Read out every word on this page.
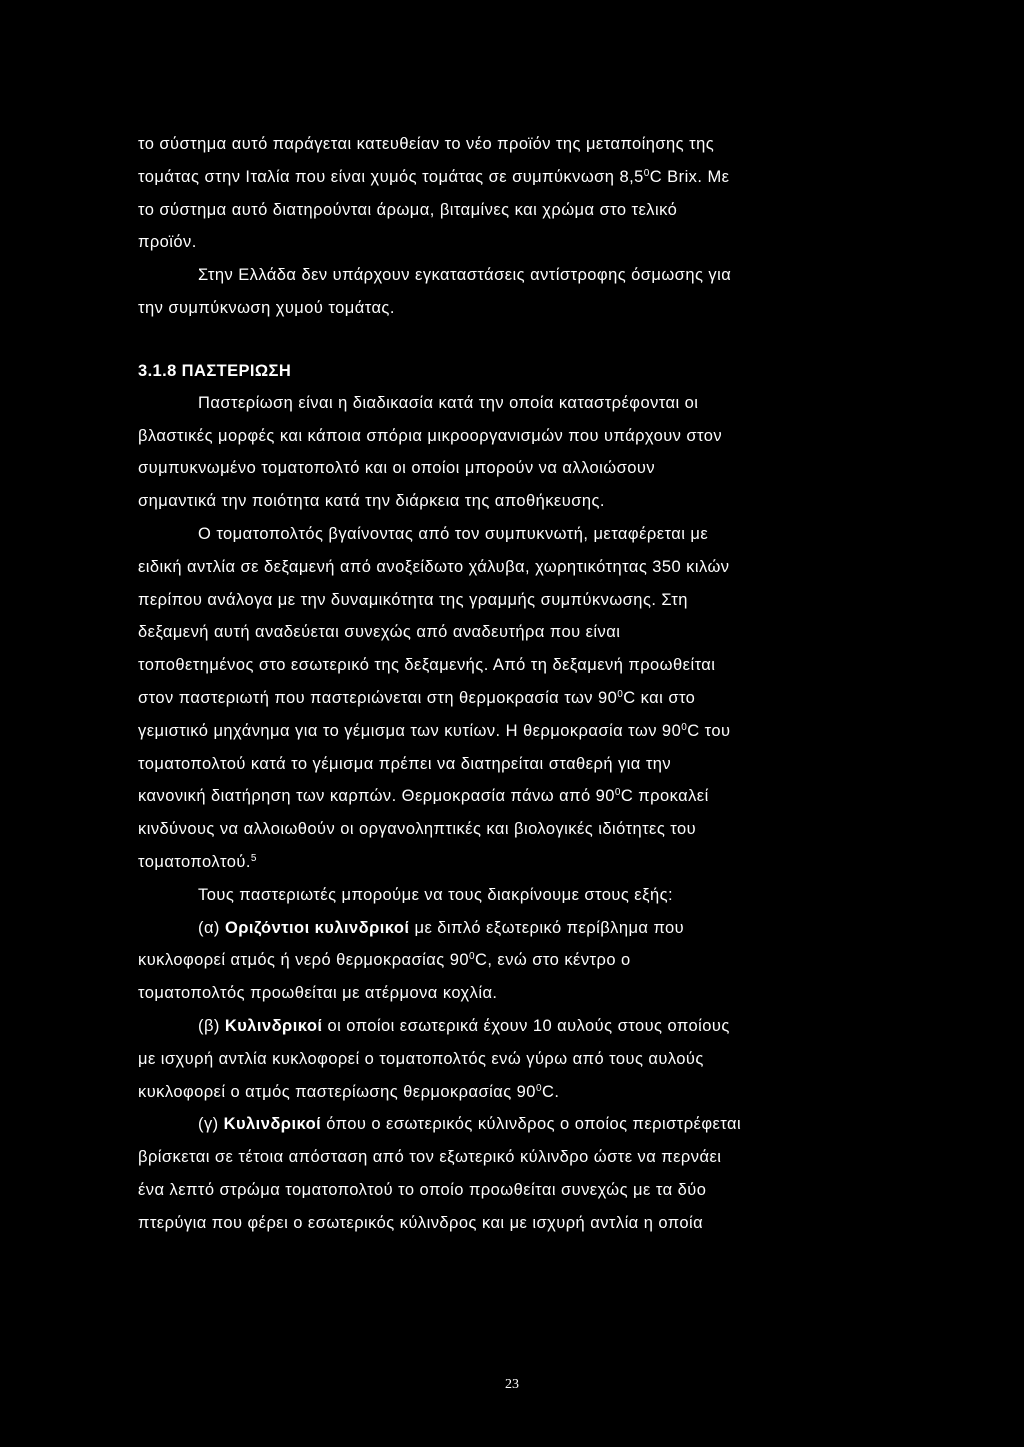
το σύστημα αυτό παράγεται κατευθείαν το νέο προϊόν της μεταποίησης της
τομάτας στην Ιταλία που είναι χυμός τομάτας σε συμπύκνωση $8,5^0C$ Brix. Με
το σύστημα αυτό διατηρούνται άρωμα, βιταμίνες και χρώμα στο τελικό
προϊόν.
Στην Ελλάδα δεν υπάρχουν εγκαταστάσεις αντίστροφης όσμωσης για
την συμπύκνωση χυμού τομάτας.
3.1.8 ΠΑΣΤΕΡΙΩΣΗ
Παστερίωση είναι η διαδικασία κατά την οποία καταστρέφονται οι
βλαστικές μορφές και κάποια σπόρια μικροοργανισμών που υπάρχουν στον
συμπυκνωμένο τοματοπολτό και οι οποίοι μπορούν να αλλοιώσουν
σημαντικά την ποιότητα κατά την διάρκεια της αποθήκευσης.
Ο τοματοπολτός βγαίνοντας από τον συμπυκνωτή, μεταφέρεται με
ειδική αντλία σε δεξαμενή από ανοξείδωτο χάλυβα, χωρητικότητας 350 κιλών
περίπου ανάλογα με την δυναμικότητα της γραμμής συμπύκνωσης. Στη
δεξαμενή αυτή αναδεύεται συνεχώς από αναδευτήρα που είναι
τοποθετημένος στο εσωτερικό της δεξαμενής. Από τη δεξαμενή προωθείται
στον παστεριωτή που παστεριώνεται στη θερμοκρασία των $90^0C$ και στο
γεμιστικό μηχάνημα για το γέμισμα των κυτίων. Η θερμοκρασία των $90^0C$ του
τοματοπολτού κατά το γέμισμα πρέπει να διατηρείται σταθερή για την
κανονική διατήρηση των καρπών. Θερμοκρασία πάνω από $90^0C$ προκαλεί
κινδύνους να αλλοιωθούν οι οργανοληπτικές και βιολογικές ιδιότητες του
τοματοπολτού.$^5$
Τους παστεριωτές μπορούμε να τους διακρίνουμε στους εξής:
(α) Οριζόντιοι κυλινδρικοί με διπλό εξωτερικό περίβλημα που
κυκλοφορεί ατμός ή νερό θερμοκρασίας $90^0C$, ενώ στο κέντρο ο
τοματοπολτός προωθείται με ατέρμονα κοχλία.
(β) Κυλινδρικοί οι οποίοι εσωτερικά έχουν 10 αυλούς στους οποίους
με ισχυρή αντλία κυκλοφορεί ο τοματοπολτός ενώ γύρω από τους αυλούς
κυκλοφορεί ο ατμός παστερίωσης θερμοκρασίας $90^0C$.
(γ) Κυλινδρικοί όπου ο εσωτερικός κύλινδρος ο οποίος περιστρέφεται
βρίσκεται σε τέτοια απόσταση από τον εξωτερικό κύλινδρο ώστε να περνάει
ένα λεπτό στρώμα τοματοπολτού το οποίο προωθείται συνεχώς με τα δύο
πτερύγια που φέρει ο εσωτερικός κύλινδρος και με ισχυρή αντλία η οποία
23
